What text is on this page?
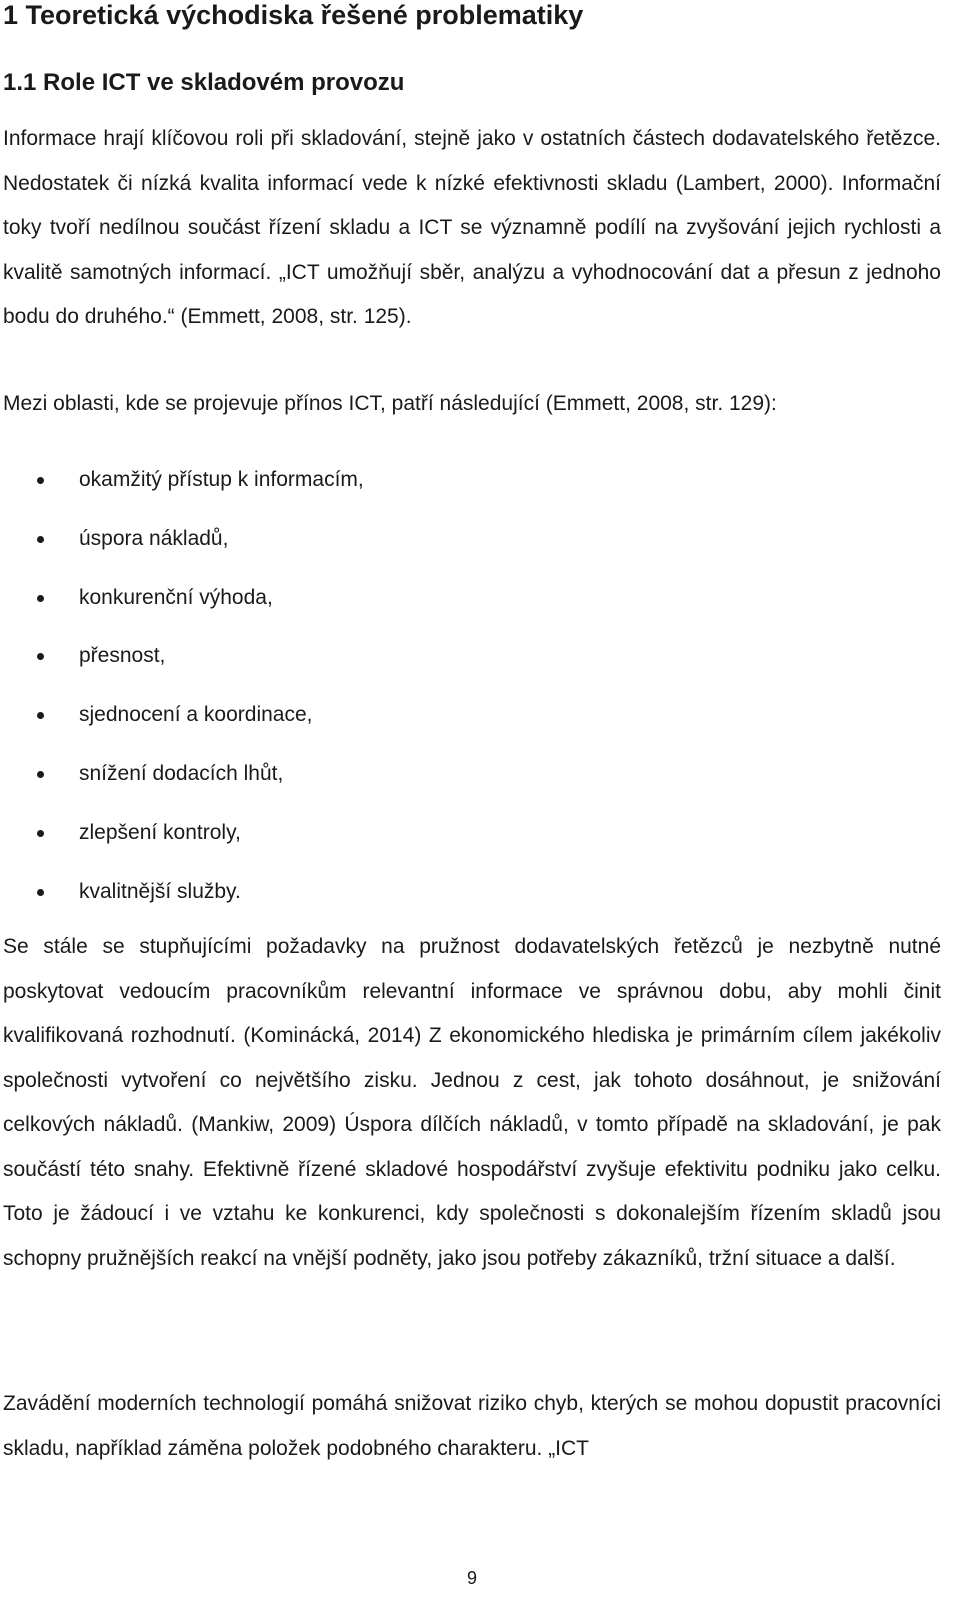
1 Teoretická východiska řešené problematiky
1.1 Role ICT ve skladovém provozu

Informace hrají klíčovou roli při skladování, stejně jako v ostatních částech dodavatelského řetězce. Nedostatek či nízká kvalita informací vede k nízké efektivnosti skladu (Lambert, 2000). Informační toky tvoří nedílnou součást řízení skladu a ICT se významně podílí na zvyšování jejich rychlosti a kvalitě samotných informací. „ICT umožňují sběr, analýzu a vyhodnocování dat a přesun z jednoho bodu do druhého.“ (Emmett, 2008, str. 125).

Mezi oblasti, kde se projevuje přínos ICT, patří následující (Emmett, 2008, str. 129):

okamžitý přístup k informacím,
úspora nákladů,
konkurenční výhoda,
přesnost,
sjednocení a koordinace,
snížení dodacích lhůt,
zlepšení kontroly,
kvalitnější služby.

Se stále se stupňujícími požadavky na pružnost dodavatelských řetězců je nezbytně nutné poskytovat vedoucím pracovníkům relevantní informace ve správnou dobu, aby mohli činit kvalifikovaná rozhodnutí. (Kominácká, 2014) Z ekonomického hlediska je primárním cílem jakékoliv společnosti vytvoření co největšího zisku. Jednou z cest, jak tohoto dosáhnout, je snižování celkových nákladů. (Mankiw, 2009) Úspora dílčích nákladů, v tomto případě na skladování, je pak součástí této snahy. Efektivně řízené skladové hospodářství zvyšuje efektivitu podniku jako celku. Toto je žádoucí i ve vztahu ke konkurenci, kdy společnosti s dokonalejším řízením skladů jsou schopny pružnějších reakcí na vnější podněty, jako jsou potřeby zákazníků, tržní situace a další.

Zavádění moderních technologií pomáhá snižovat riziko chyb, kterých se mohou dopustit pracovníci skladu, například záměna položek podobného charakteru. „ICT

9
